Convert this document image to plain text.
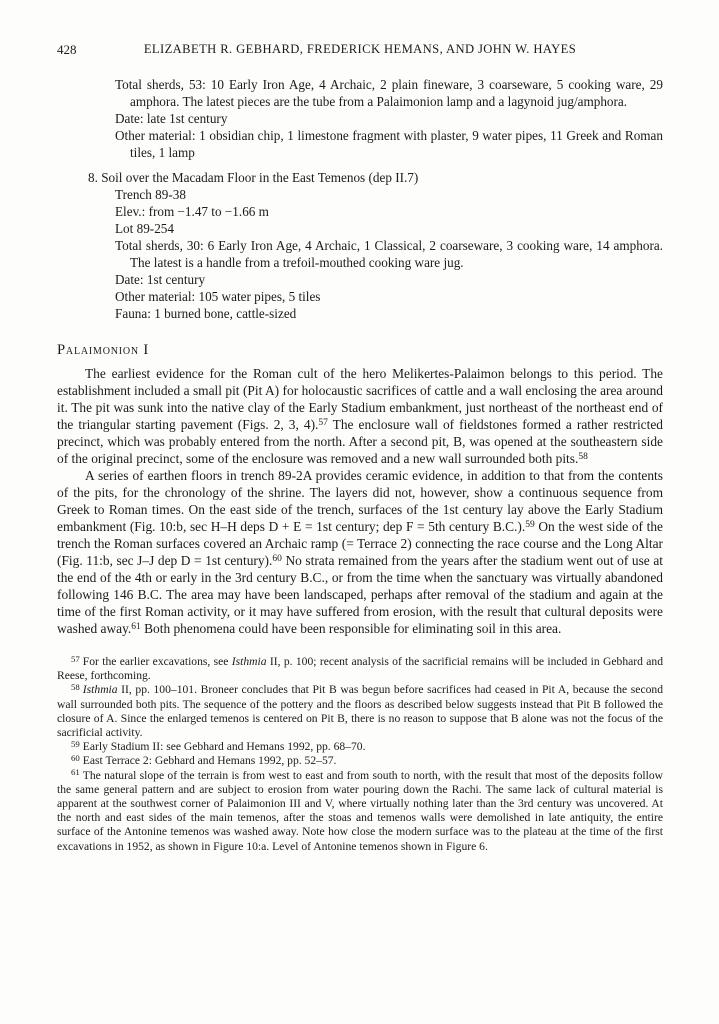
428	ELIZABETH R. GEBHARD, FREDERICK HEMANS, AND JOHN W. HAYES

Total sherds, 53: 10 Early Iron Age, 4 Archaic, 2 plain fineware, 3 coarseware, 5 cooking ware, 29 amphora. The latest pieces are the tube from a Palaimonion lamp and a lagynoid jug/amphora.

Date: late 1st century

Other material: 1 obsidian chip, 1 limestone fragment with plaster, 9 water pipes, 11 Greek and Roman tiles, 1 lamp

8. Soil over the Macadam Floor in the East Temenos (dep II.7)

Trench 89-38

Elev.: from −1.47 to −1.66 m

Lot 89-254

Total sherds, 30: 6 Early Iron Age, 4 Archaic, 1 Classical, 2 coarseware, 3 cooking ware, 14 amphora. The latest is a handle from a trefoil-mouthed cooking ware jug.

Date: 1st century

Other material: 105 water pipes, 5 tiles

Fauna: 1 burned bone, cattle-sized

Palaimonion I

The earliest evidence for the Roman cult of the hero Melikertes-Palaimon belongs to this period. The establishment included a small pit (Pit A) for holocaustic sacrifices of cattle and a wall enclosing the area around it. The pit was sunk into the native clay of the Early Stadium embankment, just northeast of the northeast end of the triangular starting pavement (Figs. 2, 3, 4).$^{57}$ The enclosure wall of fieldstones formed a rather restricted precinct, which was probably entered from the north. After a second pit, B, was opened at the southeastern side of the original precinct, some of the enclosure was removed and a new wall surrounded both pits.$^{58}$

A series of earthen floors in trench 89-2A provides ceramic evidence, in addition to that from the contents of the pits, for the chronology of the shrine. The layers did not, however, show a continuous sequence from Greek to Roman times. On the east side of the trench, surfaces of the 1st century lay above the Early Stadium embankment (Fig. 10:b, sec H–H deps D + E = 1st century; dep F = 5th century B.C.).$^{59}$ On the west side of the trench the Roman surfaces covered an Archaic ramp (= Terrace 2) connecting the race course and the Long Altar (Fig. 11:b, sec J–J dep D = 1st century).$^{60}$ No strata remained from the years after the stadium went out of use at the end of the 4th or early in the 3rd century B.C., or from the time when the sanctuary was virtually abandoned following 146 B.C. The area may have been landscaped, perhaps after removal of the stadium and again at the time of the first Roman activity, or it may have suffered from erosion, with the result that cultural deposits were washed away.$^{61}$ Both phenomena could have been responsible for eliminating soil in this area.

$^{57}$ For the earlier excavations, see Isthmia II, p. 100; recent analysis of the sacrificial remains will be included in Gebhard and Reese, forthcoming.

$^{58}$ Isthmia II, pp. 100–101. Broneer concludes that Pit B was begun before sacrifices had ceased in Pit A, because the second wall surrounded both pits. The sequence of the pottery and the floors as described below suggests instead that Pit B followed the closure of A. Since the enlarged temenos is centered on Pit B, there is no reason to suppose that B alone was not the focus of the sacrificial activity.

$^{59}$ Early Stadium II: see Gebhard and Hemans 1992, pp. 68–70.

$^{60}$ East Terrace 2: Gebhard and Hemans 1992, pp. 52–57.

$^{61}$ The natural slope of the terrain is from west to east and from south to north, with the result that most of the deposits follow the same general pattern and are subject to erosion from water pouring down the Rachi. The same lack of cultural material is apparent at the southwest corner of Palaimonion III and V, where virtually nothing later than the 3rd century was uncovered. At the north and east sides of the main temenos, after the stoas and temenos walls were demolished in late antiquity, the entire surface of the Antonine temenos was washed away. Note how close the modern surface was to the plateau at the time of the first excavations in 1952, as shown in Figure 10:a. Level of Antonine temenos shown in Figure 6.
